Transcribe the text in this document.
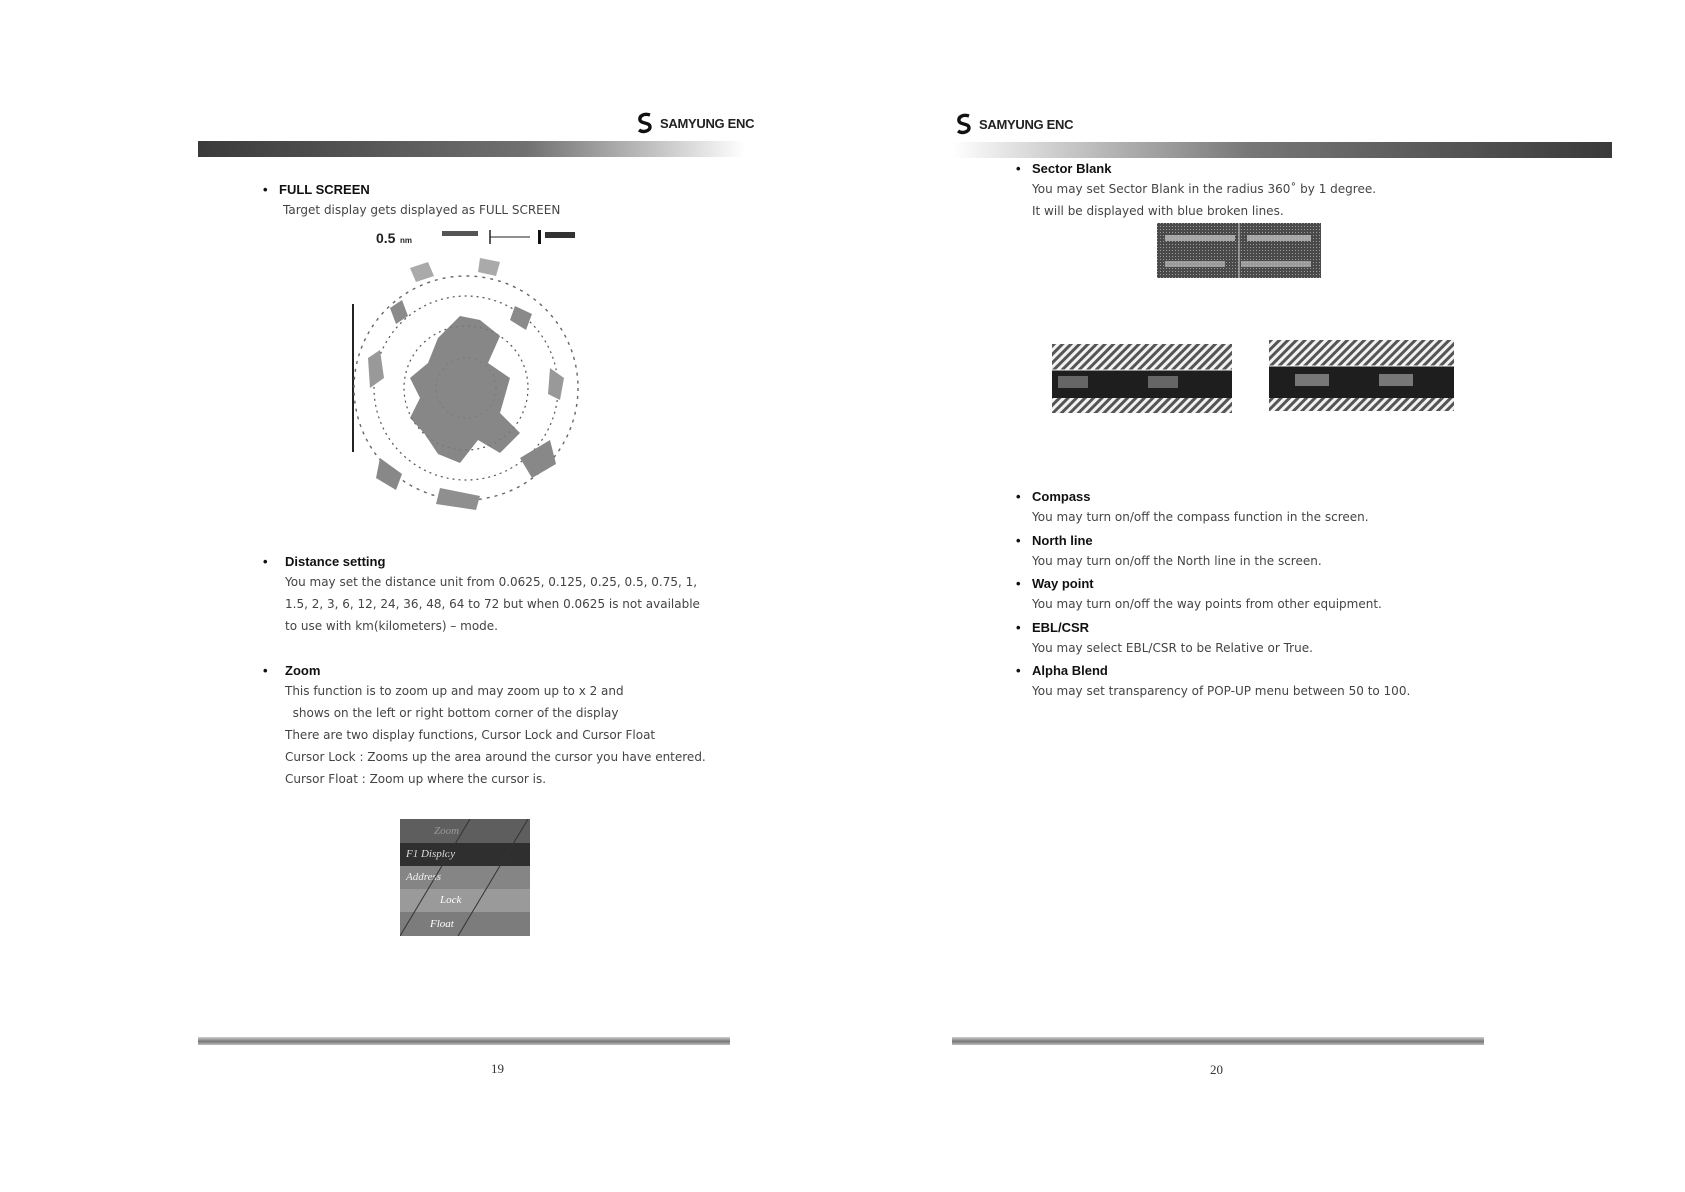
SAMYUNG ENC
• FULL SCREEN
Target display gets displayed as FULL SCREEN
0.5 nm
• Distance setting
You may set the distance unit from 0.0625, 0.125, 0.25, 0.5, 0.75, 1,
1.5, 2, 3, 6, 12, 24, 36, 48, 64 to 72 but when 0.0625 is not available
to use with km(kilometers) – mode.
• Zoom
This function is to zoom up and may zoom up to x 2 and
shows on the left or right bottom corner of the display
There are two display functions, Cursor Lock and Cursor Float
Cursor Lock : Zooms up the area around the cursor you have entered.
Cursor Float : Zoom up where the cursor is.
Zoom
F1 Display
Address
Lock
Float
19
SAMYUNG ENC
• Sector Blank
You may set Sector Blank in the radius 360˚ by 1 degree.
It will be displayed with blue broken lines.
• Compass
You may turn on/off the compass function in the screen.
• North line
You may turn on/off the North line in the screen.
• Way point
You may turn on/off the way points from other equipment.
• EBL/CSR
You may select EBL/CSR to be Relative or True.
• Alpha Blend
You may set transparency of POP-UP menu between 50 to 100.
20
